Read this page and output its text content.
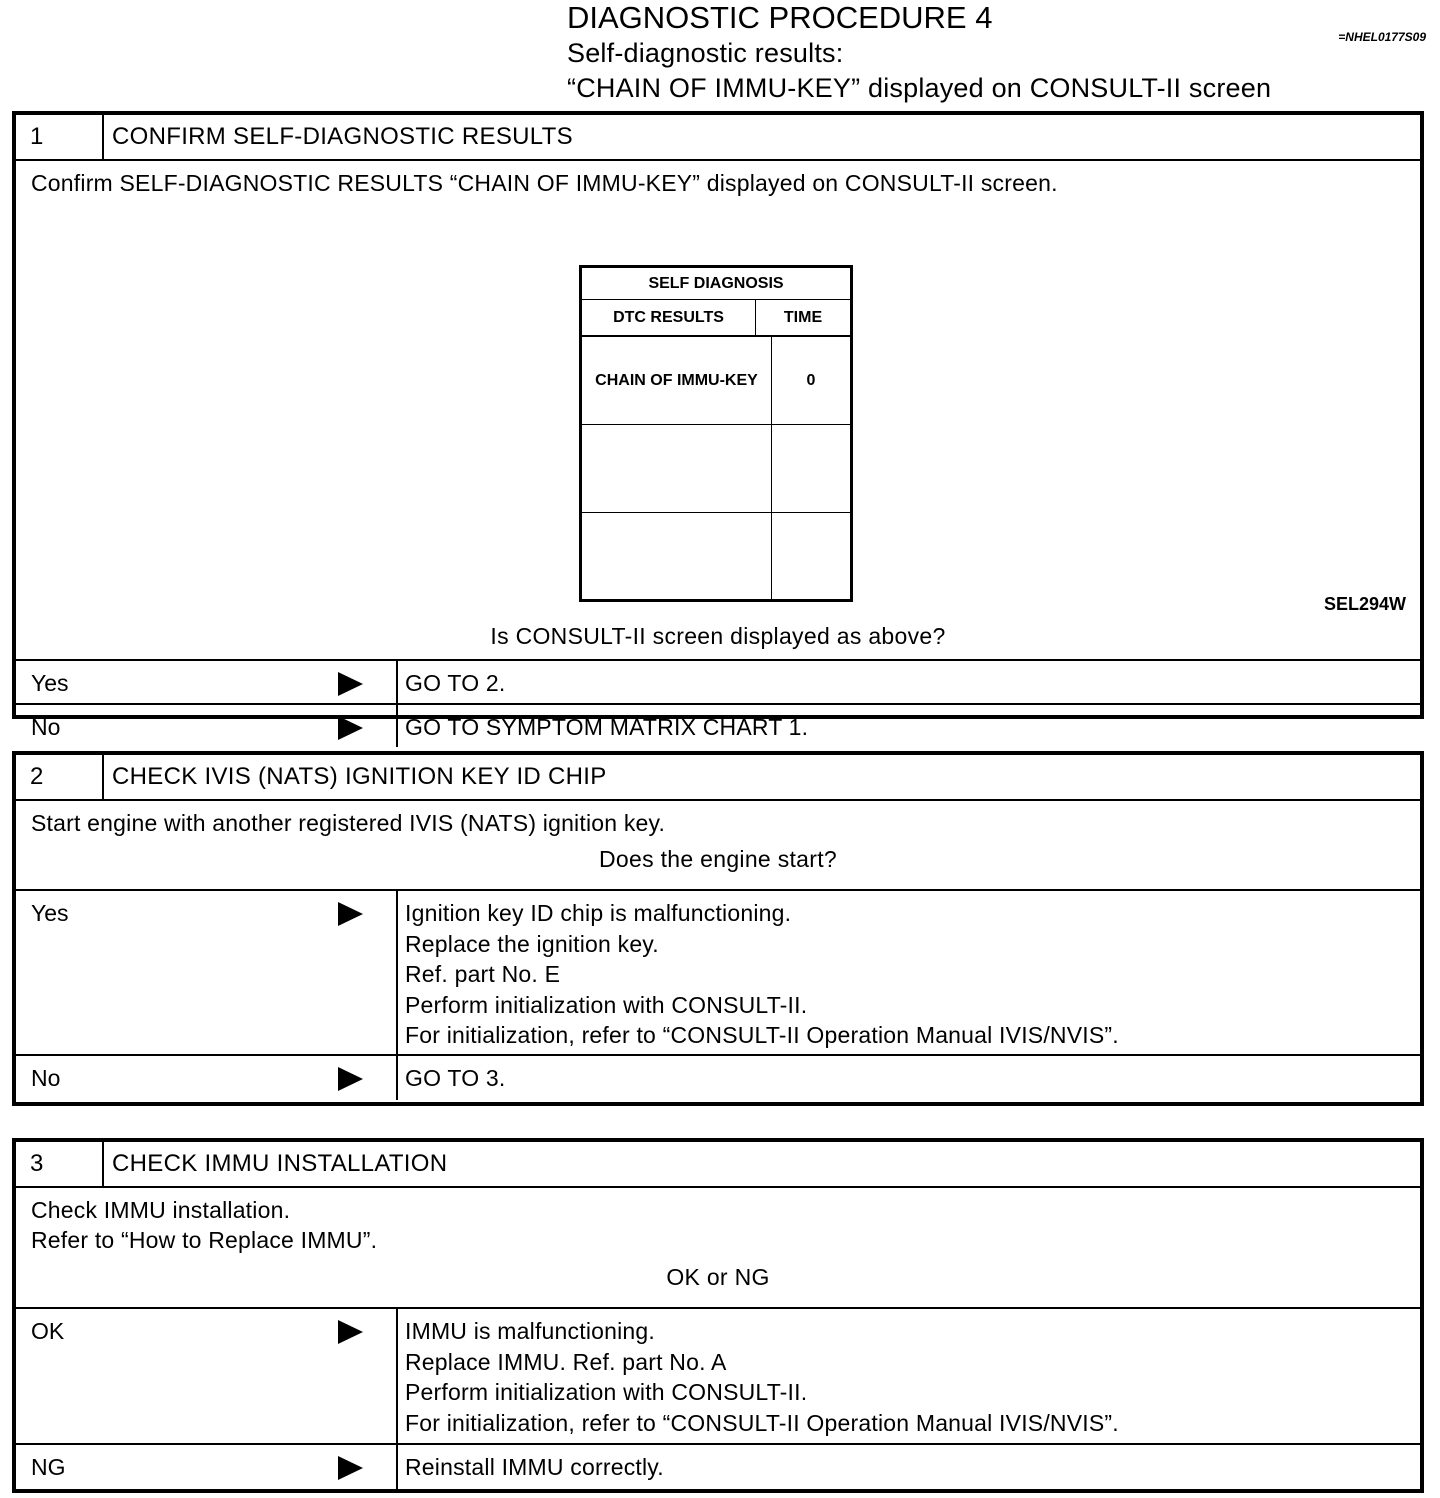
DIAGNOSTIC PROCEDURE 4
Self-diagnostic results:
“CHAIN OF IMMU-KEY” displayed on CONSULT-II screen
=NHEL0177S09
1	CONFIRM SELF-DIAGNOSTIC RESULTS
Confirm SELF-DIAGNOSTIC RESULTS “CHAIN OF IMMU-KEY” displayed on CONSULT-II screen.
SELF DIAGNOSIS
DTC RESULTS	TIME
CHAIN OF IMMU-KEY	0
SEL294W
Is CONSULT-II screen displayed as above?
Yes	GO TO 2.
No	GO TO SYMPTOM MATRIX CHART 1.
2	CHECK IVIS (NATS) IGNITION KEY ID CHIP
Start engine with another registered IVIS (NATS) ignition key.
Does the engine start?
Yes	Ignition key ID chip is malfunctioning.
Replace the ignition key.
Ref. part No. E
Perform initialization with CONSULT-II.
For initialization, refer to “CONSULT-II Operation Manual IVIS/NVIS”.
No	GO TO 3.
3	CHECK IMMU INSTALLATION
Check IMMU installation.
Refer to “How to Replace IMMU”.
OK or NG
OK	IMMU is malfunctioning.
Replace IMMU. Ref. part No. A
Perform initialization with CONSULT-II.
For initialization, refer to “CONSULT-II Operation Manual IVIS/NVIS”.
NG	Reinstall IMMU correctly.
